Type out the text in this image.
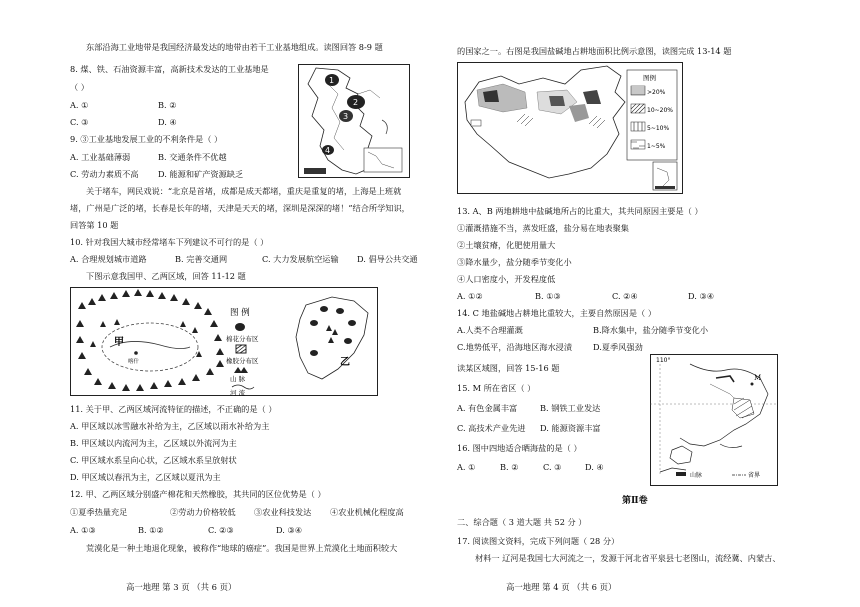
东部沿海工业地带是我国经济最发达的地带由若干工业基地组成。读图回答 8-9 题
8. 煤、铁、石油资源丰富，高新技术发达的工业基地是
（ ）
A. ①	B. ②
C. ③	D. ④
9. ③工业基地发展工业的不利条件是（ ）
A. 工业基础薄弱	B. 交通条件不优越
C. 劳动力素质不高 D. 能源和矿产资源缺乏
关于堵车，网民戏说：“北京是首堵，成都是成天都堵，重庆是重复的堵，上海是上班就
堵，广州是广泛的堵，长春是长年的堵，天津是天天的堵，深圳是深深的堵！”结合所学知识，
回答第 10 题
10. 针对我国大城市经常堵车下列建议不可行的是（ ）
A. 合理规划城市道路	B. 完善交通网	C. 大力发展航空运输 D. 倡导公共交通
下图示意我国甲、乙两区域，回答 11-12 题
11. 关于甲、乙两区域河流特征的描述，不正确的是（ ）
A. 甲区域以冰雪融水补给为主，乙区域以雨水补给为主
B. 甲区域以内流河为主，乙区域以外流河为主
C. 甲区域水系呈向心状，乙区域水系呈放射状
D. 甲区域以春汛为主，乙区域以夏汛为主
12. 甲、乙两区域分别盛产棉花和天然橡胶，其共同的区位优势是（ ）
①夏季热量充足	②劳动力价格较低 ③农业科技发达 ④农业机械化程度高
A. ①③	B. ①②	C. ②③	D. ③④
荒漠化是一种土地退化现象，被称作“地球的癌症”。我国是世界上荒漠化土地面积较大
1
2
3
4
喀什
甲
图 例
棉花分布区
橡胶分布区
山 脉
河 流
乙
高一地理 第 3 页 （共 6 页）
的国家之一。右图是我国盐碱地占耕地面积比例示意图，读图完成 13-14 题
图例
>20%
10~20%
5~10%
1~5%
13. A、B 两地耕地中盐碱地所占的比重大，其共同原因主要是（ ）
①灌溉措施不当，蒸发旺盛，盐分易在地表聚集
②土壤贫瘠，化肥使用量大
③降水量少，盐分随季节变化小
④人口密度小，开发程度低
A. ①②	B. ①③	C. ②④	D. ③④
14. C 地盐碱地占耕地比重较大，主要自然原因是（ ）
A.人类不合理灌溉	B.降水集中，盐分随季节变化小
C.地势低平，沿海地区海水浸渍	D.夏季风强劲
读某区域图，回答 15-16 题
15. M 所在省区（ ）
A. 有色金属丰富	B. 钢铁工业发达
C. 高技术产业先进 D. 能源资源丰富
16. 图中四地适合晒海盐的是（ ）
A. ①	B. ②	C. ③	D. ④
110°
M
山脉	省界
第Ⅱ卷
二、综合题（ 3 道大题 共 52 分 ）
17. 阅读图文资料，完成下列问题（ 28 分）
材料一 辽河是我国七大河流之一，发源于河北省平泉县七老图山，流经冀、内蒙古、
高一地理 第 4 页 （共 6 页）
